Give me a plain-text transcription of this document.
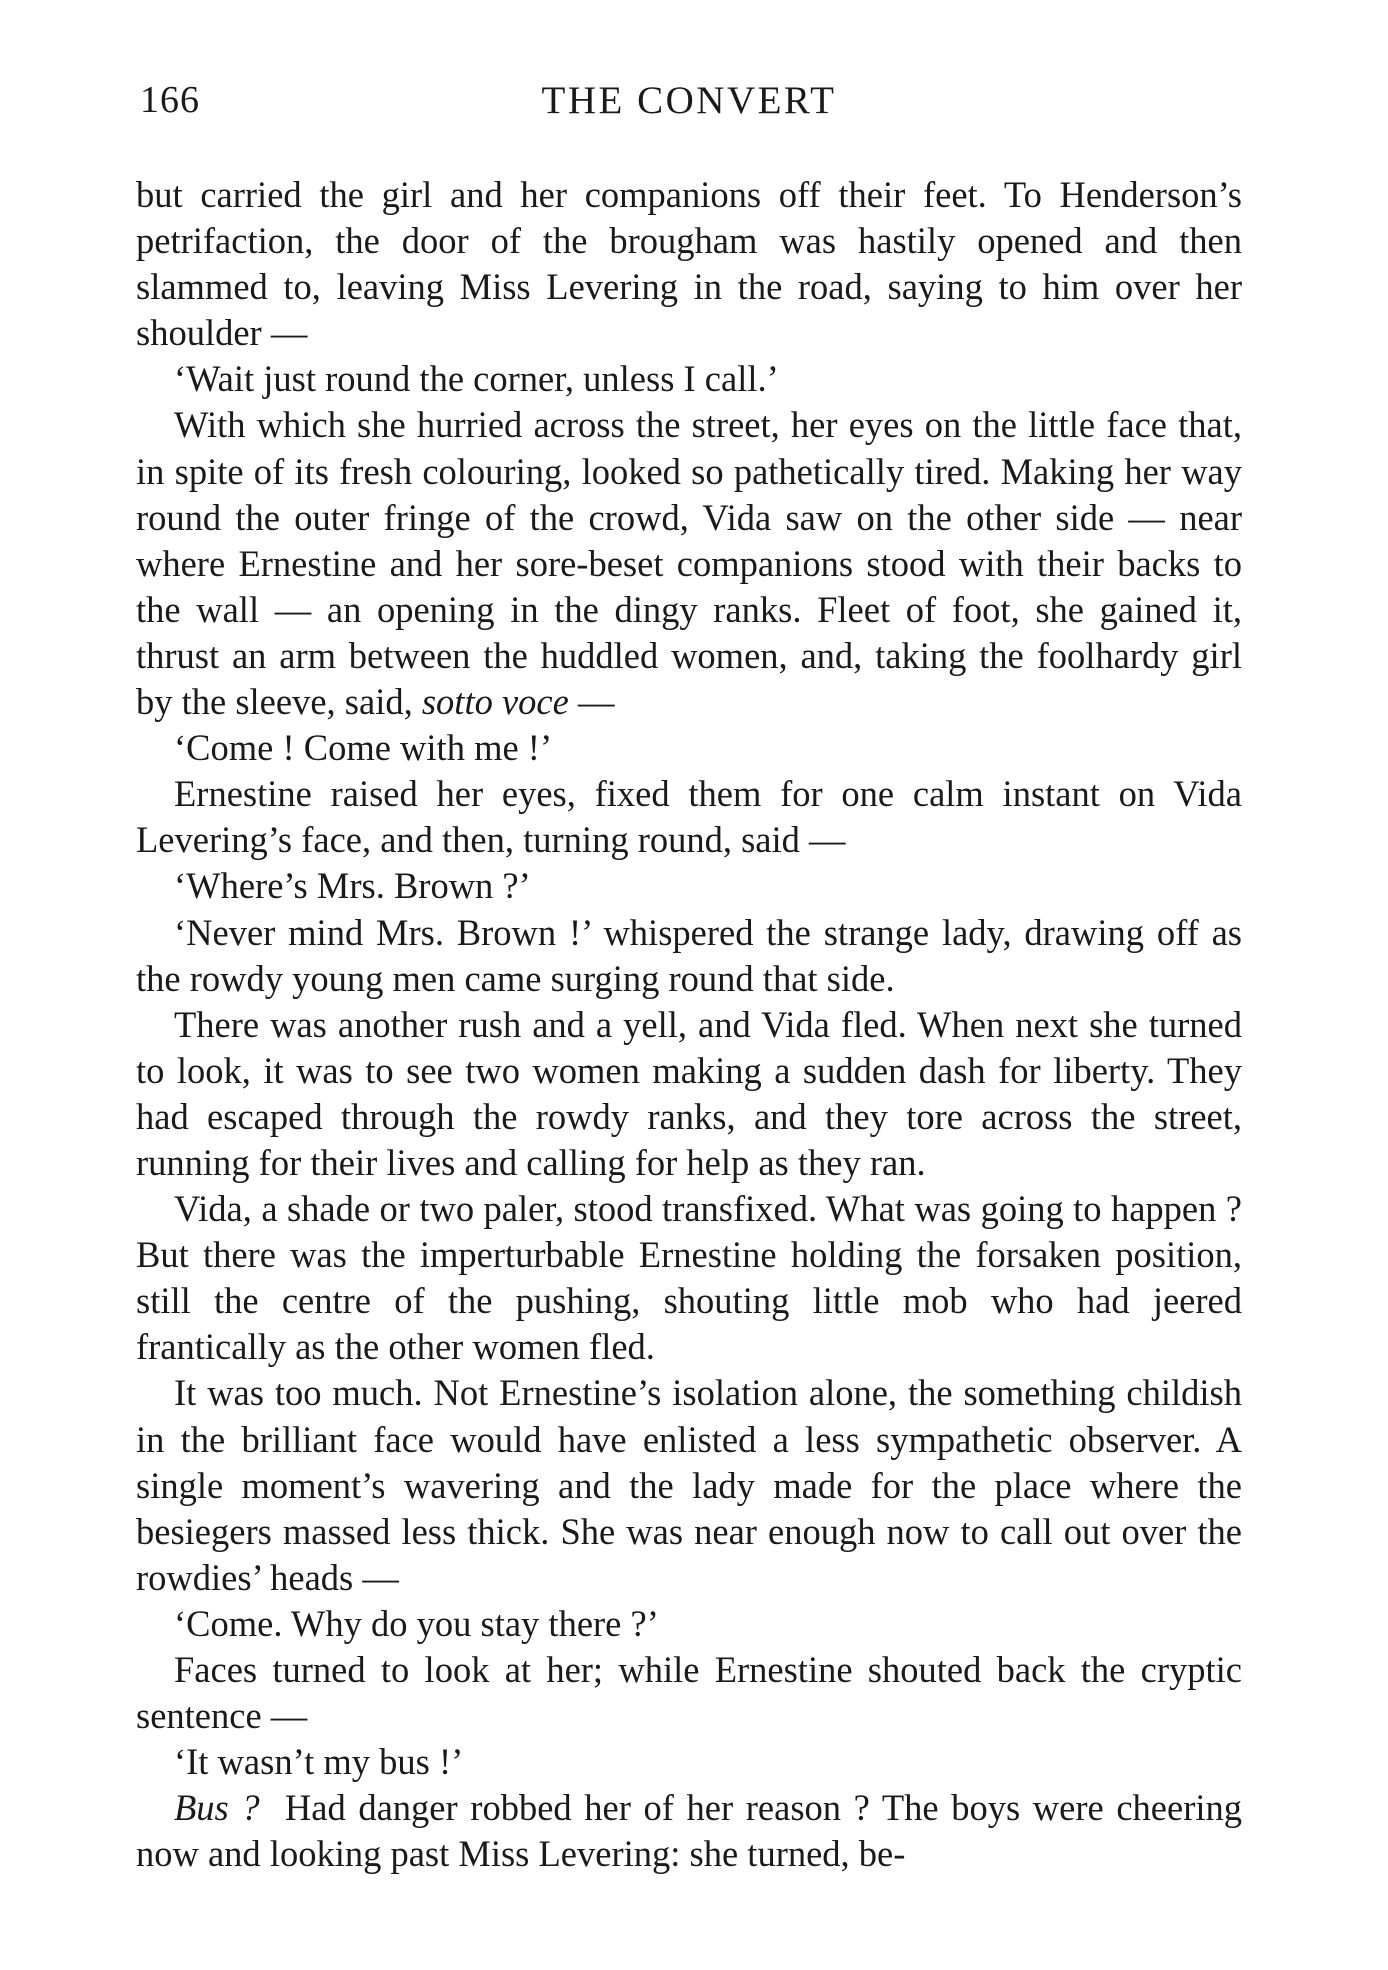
166	THE CONVERT

but carried the girl and her companions off their feet. To Henderson’s petrifaction, the door of the brougham was hastily opened and then slammed to, leaving Miss Levering in the road, saying to him over her shoulder —

‘Wait just round the corner, unless I call.’

With which she hurried across the street, her eyes on the little face that, in spite of its fresh colouring, looked so pathetically tired. Making her way round the outer fringe of the crowd, Vida saw on the other side — near where Ernestine and her sore-beset companions stood with their backs to the wall — an opening in the dingy ranks. Fleet of foot, she gained it, thrust an arm between the huddled women, and, taking the foolhardy girl by the sleeve, said, sotto voce —

‘Come ! Come with me !’

Ernestine raised her eyes, fixed them for one calm instant on Vida Levering’s face, and then, turning round, said —

‘Where’s Mrs. Brown ?’

‘Never mind Mrs. Brown !’ whispered the strange lady, drawing off as the rowdy young men came surging round that side.

There was another rush and a yell, and Vida fled. When next she turned to look, it was to see two women making a sudden dash for liberty. They had escaped through the rowdy ranks, and they tore across the street, running for their lives and calling for help as they ran.

Vida, a shade or two paler, stood transfixed. What was going to happen ? But there was the imperturbable Ernestine holding the forsaken position, still the centre of the pushing, shouting little mob who had jeered frantically as the other women fled.

It was too much. Not Ernestine’s isolation alone, the something childish in the brilliant face would have enlisted a less sympathetic observer. A single moment’s wavering and the lady made for the place where the besiegers massed less thick. She was near enough now to call out over the rowdies’ heads —

‘Come. Why do you stay there ?’

Faces turned to look at her; while Ernestine shouted back the cryptic sentence —

‘It wasn’t my bus !’

Bus ? Had danger robbed her of her reason ? The boys were cheering now and looking past Miss Levering: she turned, be-
